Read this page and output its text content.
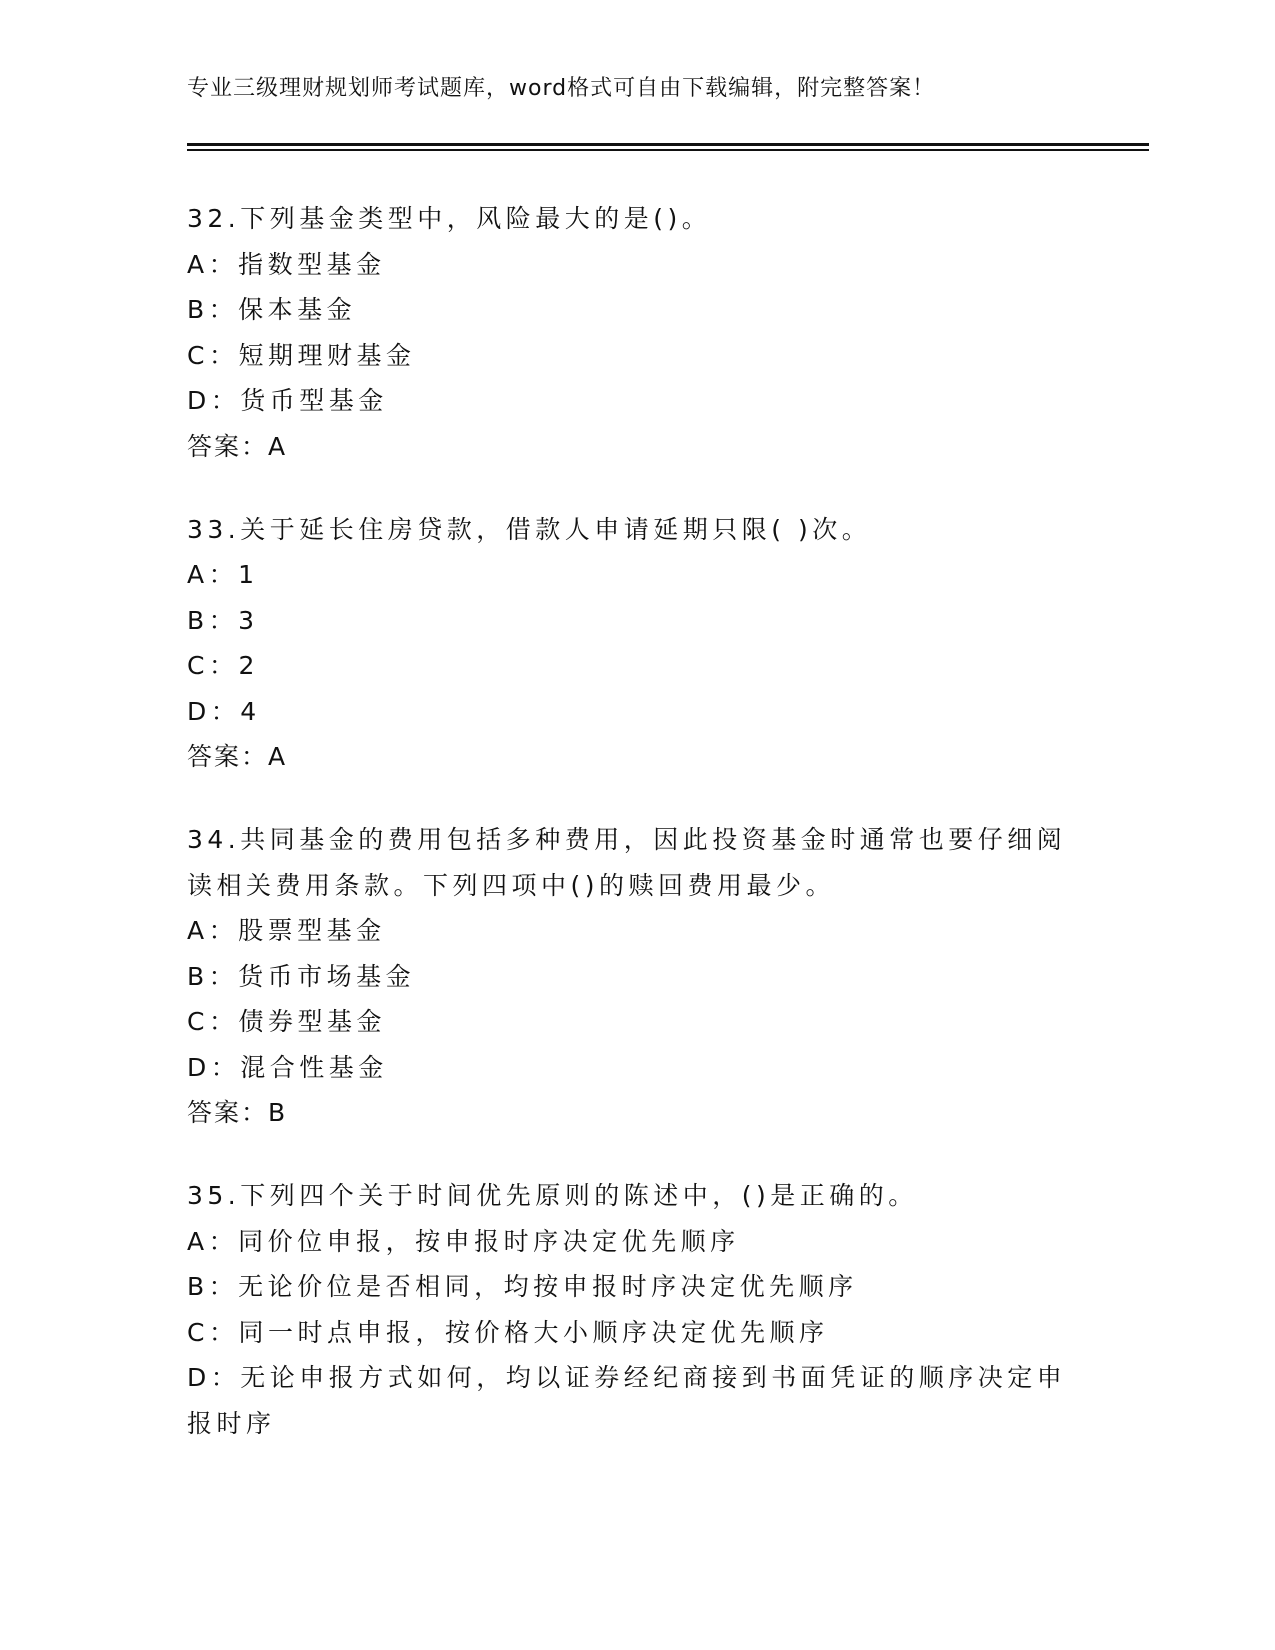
专业三级理财规划师考试题库，word格式可自由下载编辑，附完整答案！
32.下列基金类型中，风险最大的是()。
A：指数型基金
B：保本基金
C：短期理财基金
D：货币型基金
答案：A
33.关于延长住房贷款，借款人申请延期只限( )次。
A：1
B：3
C：2
D：4
答案：A
34.共同基金的费用包括多种费用，因此投资基金时通常也要仔细阅读相关费用条款。下列四项中()的赎回费用最少。
A：股票型基金
B：货币市场基金
C：债券型基金
D：混合性基金
答案：B
35.下列四个关于时间优先原则的陈述中，()是正确的。
A：同价位申报，按申报时序决定优先顺序
B：无论价位是否相同，均按申报时序决定优先顺序
C：同一时点申报，按价格大小顺序决定优先顺序
D：无论申报方式如何，均以证券经纪商接到书面凭证的顺序决定申报时序
